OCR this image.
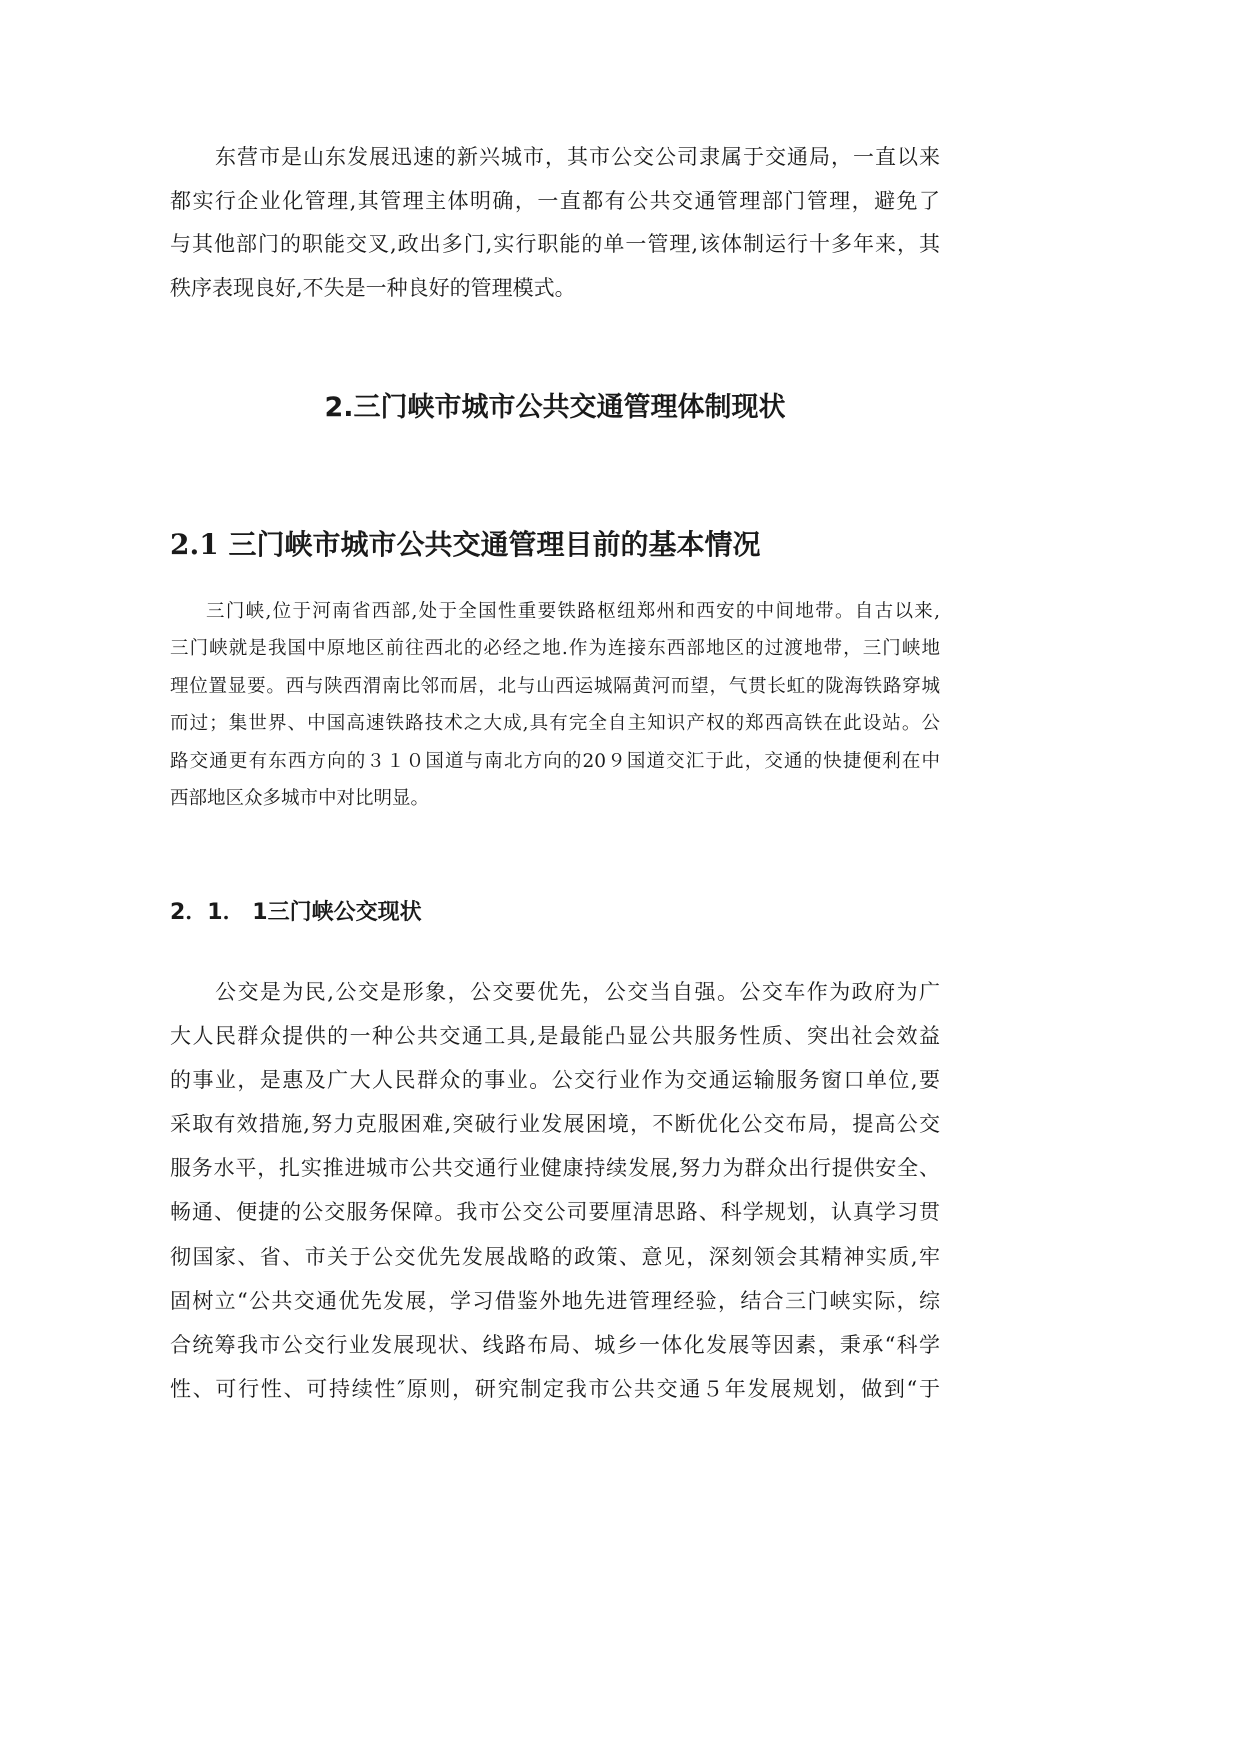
东营市是山东发展迅速的新兴城市，其市公交公司隶属于交通局，一直以来
都实行企业化管理,其管理主体明确，一直都有公共交通管理部门管理，避免了
与其他部门的职能交叉,政出多门,实行职能的单一管理,该体制运行十多年来，其
秩序表现良好,不失是一种良好的管理模式。
2.三门峡市城市公共交通管理体制现状
2.1 三门峡市城市公共交通管理目前的基本情况
三门峡,位于河南省西部,处于全国性重要铁路枢纽郑州和西安的中间地带。自古以来,
三门峡就是我国中原地区前往西北的必经之地.作为连接东西部地区的过渡地带，三门峡地
理位置显要。西与陕西渭南比邻而居，北与山西运城隔黄河而望，气贯长虹的陇海铁路穿城
而过；集世界、中国高速铁路技术之大成,具有完全自主知识产权的郑西高铁在此设站。公
路交通更有东西方向的３１０国道与南北方向的20９国道交汇于此，交通的快捷便利在中
西部地区众多城市中对比明显。
2．1． 1三门峡公交现状
公交是为民,公交是形象，公交要优先，公交当自强。公交车作为政府为广
大人民群众提供的一种公共交通工具,是最能凸显公共服务性质、突出社会效益
的事业，是惠及广大人民群众的事业。公交行业作为交通运输服务窗口单位,要
采取有效措施,努力克服困难,突破行业发展困境，不断优化公交布局，提高公交
服务水平，扎实推进城市公共交通行业健康持续发展,努力为群众出行提供安全、
畅通、便捷的公交服务保障。我市公交公司要厘清思路、科学规划，认真学习贯
彻国家、省、市关于公交优先发展战略的政策、意见，深刻领会其精神实质,牢
固树立“公共交通优先发展，学习借鉴外地先进管理经验，结合三门峡实际，综
合统筹我市公交行业发展现状、线路布局、城乡一体化发展等因素，秉承“科学
性、可行性、可持续性″原则，研究制定我市公共交通５年发展规划，做到“于
